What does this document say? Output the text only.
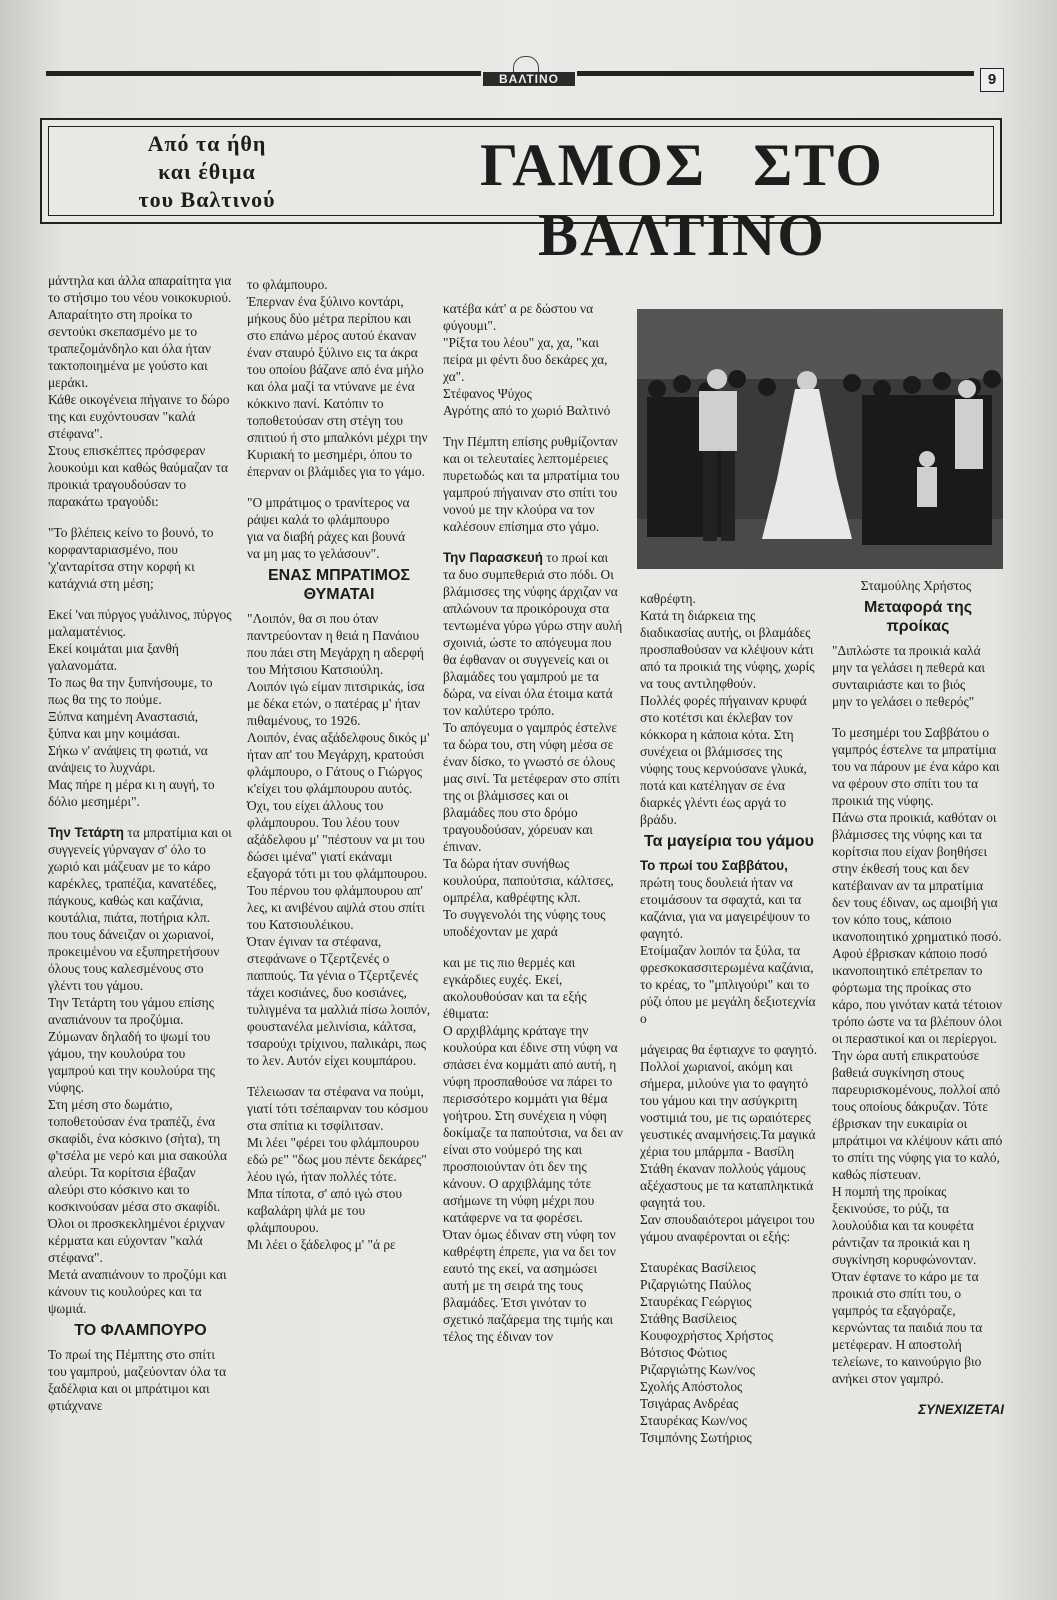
ΒΑΛΤΙΝΟ	9
Από τα ήθη
και έθιμα
του Βαλτινού
ΓΑΜΟΣ ΣΤΟ ΒΑΛΤΙΝΟ

μάντηλα και άλλα απαραίτητα για το στήσιμο του νέου νοικοκυριού. Απαραίτητο στη προίκα το σεντούκι σκεπασμένο με το τραπεζομάνδηλο και όλα ήταν τακτοποιημένα με γούστο και μεράκι.

Κάθε οικογένεια πήγαινε το δώρο της και ευχόντουσαν "καλά στέφανα".

Στους επισκέπτες πρόσφεραν λουκούμι και καθώς θαύμαζαν τα προικιά τραγουδούσαν το παρακάτω τραγούδι:

"Το βλέπεις κείνο το βουνό, το κορφανταριασμένο, που 'χ'ανταρίτσα στην κορφή κι κατάχνιά στη μέση;

Εκεί 'ναι πύργος γυάλινος, πύργος μαλαματένιος.

Εκεί κοιμάται μια ξανθή γαλανομάτα.

Το πως θα την ξυπνήσουμε, το πως θα της το πούμε.

Ξύπνα καημένη Αναστασιά, ξύπνα και μην κοιμάσαι.

Σήκω ν' ανάψεις τη φωτιά, να ανάψεις το λυχνάρι.

Μας πήρε η μέρα κι η αυγή, το δόλιο μεσημέρι".

Την Τετάρτη τα μπρατίμια και οι συγγενείς γύρναγαν σ' όλο το χωριό και μάζευαν με το κάρο καρέκλες, τραπέζια, κανατέδες, πάγκους, καθώς και καζάνια, κουτάλια, πιάτα, ποτήρια κλπ. που τους δάνειζαν οι χωριανοί, προκειμένου να εξυπηρετήσουν όλους τους καλεσμένους στο γλέντι του γάμου.

Την Τετάρτη του γάμου επίσης αναπιάνουν τα προζύμια. Ζύμωναν δηλαδή το ψωμί του γάμου, την κουλούρα του γαμπρού και την κουλούρα της νύφης.

Στη μέση στο δωμάτιο, τοποθετούσαν ένα τραπέζι, ένα σκαφίδι, ένα κόσκινο (σήτα), τη φ'τσέλα με νερό και μια σακούλα αλεύρι. Τα κορίτσια έβαζαν αλεύρι στο κόσκινο και το κοσκινούσαν μέσα στο σκαφίδι.

Όλοι οι προσκεκλημένοι έριχναν κέρματα και εύχονταν "καλά στέφανα".

Μετά αναπιάνουν το προζύμι και κάνουν τις κουλούρες και τα ψωμιά.

ΤΟ ΦΛΑΜΠΟΥΡΟ

Το πρωί της Πέμπτης στο σπίτι του γαμπρού, μαζεύονταν όλα τα ξαδέλφια και οι μπράτιμοι και φτιάχνανε

το φλάμπουρο.

Έπερναν ένα ξύλινο κοντάρι, μήκους δύο μέτρα περίπου και στο επάνω μέρος αυτού έκαναν έναν σταυρό ξύλινο εις τα άκρα του οποίου βάζανε από ένα μήλο και όλα μαζί τα ντύνανε με ένα κόκκινο πανί. Κατόπιν το τοποθετούσαν στη στέγη του σπιτιού ή στο μπαλκόνι μέχρι την Κυριακή το μεσημέρι, όπου το έπερναν οι βλάμιδες για το γάμο.

"Ο μπράτιμος ο τρανίτερος να ράψει καλά το φλάμπουρο

για να διαβή ράχες και βουνά

να μη μας το γελάσουν".

ΕΝΑΣ ΜΠΡΑΤΙΜΟΣ ΘΥΜΑΤΑΙ

"Λοιπόν, θα σι που όταν παντρεύονταν η θειά η Πανάιου που πάει στη Μεγάρχη η αδερφή του Μήτσιου Κατσιούλη.

Λοιπόν ιγώ είμαν πιτσιρικάς, ίσα με δέκα ετών, ο πατέρας μ' ήταν πιθαμένους, το 1926.

Λοιπόν, ένας αξάδελφους δικός μ' ήταν απ' του Μεγάρχη, κρατούσι φλάμπουρο, ο Γάτους ο Γιώργος κ'είχει του φλάμπουρου αυτός.

Όχι, του είχει άλλους του φλάμπουρου. Του λέου τουν αξάδελφου μ' "πέστουν να μι του δώσει ιμένα" γιατί εκάναμι εξαγορά τότι μι του φλάμπουρου. Του πέρνου του φλάμπουρου απ' λες, κι ανιβένου αψλά στου σπίτι του Κατσιουλέικου.

Όταν έγιναν τα στέφανα, στεφάνωνε ο Τζερτζενές ο παππούς. Τα γένια ο Τζερτζενές τάχει κοσιάνες, δυο κοσιάνες, τυλιγμένα τα μαλλιά πίσω λοιπόν, φουστανέλα μελινίσια, κάλτσα, τσαρούχι τρίχινου, παλικάρι, πως το λεν. Αυτόν είχει κουμπάρου.

Τέλειωσαν τα στέφανα να πούμι, γιατί τότι τσέπαιρναν του κόσμου στα σπίτια κι τσφίλιτσαν.

Μι λέει "φέρει του φλάμπουρου εδώ ρε" "δως μου πέντε δεκάρες" λέου ιγώ, ήταν πολλές τότε.

Μπα τίποτα, σ' από ιγώ στου καβαλάρη ψλά με του φλάμπουρου.

Μι λέει ο ξάδελφος μ' "ά ρε

κατέβα κάτ' α ρε δώστου να φύγουμι".

"Ρίξτα του λέου" χα, χα, "και πείρα μι φέντι δυο δεκάρες χα, χα".

Στέφανος Ψύχος

Αγρότης από το χωριό Βαλτινό

Την Πέμπτη επίσης ρυθμίζονταν και οι τελευταίες λεπτομέρειες πυρετωδώς και τα μπρατίμια του γαμπρού πήγαιναν στο σπίτι του νονού με την κλούρα να τον καλέσουν επίσημα στο γάμο.

Την Παρασκευή το πρωί και τα δυο συμπεθεριά στο πόδι. Οι βλάμισσες της νύφης άρχιζαν να απλώνουν τα προικόρουχα στα τεντωμένα γύρω γύρω στην αυλή σχοινιά, ώστε το απόγευμα που θα έφθαναν οι συγγενείς και οι βλαμάδες του γαμπρού με τα δώρα, να είναι όλα έτοιμα κατά τον καλύτερο τρόπο.

Το απόγευμα ο γαμπρός έστελνε τα δώρα του, στη νύφη μέσα σε έναν δίσκο, το γνωστό σε όλους μας σινί. Τα μετέφεραν στο σπίτι της οι βλάμισσες και οι βλαμάδες που στο δρόμο τραγουδούσαν, χόρευαν και έπιναν.

Τα δώρα ήταν συνήθως κουλούρα, παπούτσια, κάλτσες, ομπρέλα, καθρέφτης κλπ.

Το συγγενολόι της νύφης τους υποδέχονταν με χαρά

και με τις πιο θερμές και εγκάρδιες ευχές. Εκεί, ακολουθούσαν και τα εξής έθιματα:

Ο αρχιβλάμης κράταγε την κουλούρα και έδινε στη νύφη να σπάσει ένα κομμάτι από αυτή, η νύφη προσπαθούσε να πάρει το περισσότερο κομμάτι για θέμα γοήτρου. Στη συνέχεια η νύφη δοκίμαζε τα παπούτσια, να δει αν είναι στο νούμερό της και προσποιούνταν ότι δεν της κάνουν. Ο αρχιβλάμης τότε ασήμωνε τη νύφη μέχρι που κατάφερνε να τα φορέσει.

Όταν όμως έδιναν στη νύφη τον καθρέφτη έπρεπε, για να δει τον εαυτό της εκεί, να ασημώσει αυτή με τη σειρά της τους βλαμάδες. Έτσι γινόταν το σχετικό παζάρεμα της τιμής και τέλος της έδιναν τον

Σταμούλης Χρήστος

καθρέφτη.

Κατά τη διάρκεια της διαδικασίας αυτής, οι βλαμάδες προσπαθούσαν να κλέψουν κάτι από τα προικιά της νύφης, χωρίς να τους αντιληφθούν.

Πολλές φορές πήγαιναν κρυφά στο κοτέτσι και έκλεβαν τον κόκκορα η κάποια κότα. Στη συνέχεια οι βλάμισσες της νύφης τους κερνούσανε γλυκά, ποτά και κατέληγαν σε ένα διαρκές γλέντι έως αργά το βράδυ.

Τα μαγείρια του γάμου

Το πρωί του Σαββάτου, πρώτη τους δουλειά ήταν να ετοιμάσουν τα σφαχτά, και τα καζάνια, για να μαγειρέψουν το φαγητό.

Ετοίμαζαν λοιπόν τα ξύλα, τα φρεσκοκασσιτερωμένα καζάνια, το κρέας, το "μπλιγούρι" και το ρύζι όπου με μεγάλη δεξιοτεχνία ο

μάγειρας θα έφτιαχνε το φαγητό. Πολλοί χωριανοί, ακόμη και σήμερα, μιλούνε για το φαγητό του γάμου και την ασύγκριτη νοστιμιά του, με τις ωραιότερες γευστικές αναμνήσεις.Τα μαγικά χέρια του μπάρμπα - Βασίλη Στάθη έκαναν πολλούς γάμους αξέχαστους με τα καταπληκτικά φαγητά του.

Σαν σπουδαιότεροι μάγειροι του γάμου αναφέρονται οι εξής:

Σταυρέκας Βασίλειος

Ριζαργιώτης Παύλος

Σταυρέκας Γεώργιος

Στάθης Βασίλειος

Κουφοχρήστος Χρήστος

Βότσιος Φώτιος

Ριζαργιώτης Κων/νος

Σχολής Απόστολος

Τσιγάρας Ανδρέας

Σταυρέκας Κων/νος

Τσιμπόνης Σωτήριος

Μεταφορά της προίκας

"Διπλώστε τα προικιά καλά μην τα γελάσει η πεθερά και συνταιριάστε και το βιός

μην το γελάσει ο πεθερός"

Το μεσημέρι του Σαββάτου ο γαμπρός έστελνε τα μπρατίμια του να πάρουν με ένα κάρο και να φέρουν στο σπίτι του τα προικιά της νύφης.

Πάνω στα προικιά, καθόταν οι βλάμισσες της νύφης και τα κορίτσια που είχαν βοηθήσει στην έκθεσή τους και δεν κατέβαιναν αν τα μπρατίμια δεν τους έδιναν, ως αμοιβή για τον κόπο τους, κάποιο ικανοποιητικό χρηματικό ποσό. Αφού έβρισκαν κάποιο ποσό ικανοποιητικό επέτρεπαν το φόρτωμα της προίκας στο κάρο, που γινόταν κατά τέτοιον τρόπο ώστε να τα βλέπουν όλοι οι περαστικοί και οι περίεργοι.

Την ώρα αυτή επικρατούσε βαθειά συγκίνηση στους παρευρισκομένους, πολλοί από τους οποίους δάκρυζαν. Τότε έβρισκαν την ευκαιρία οι μπράτιμοι να κλέψουν κάτι από το σπίτι της νύφης για το καλό, καθώς πίστευαν.

Η πομπή της προίκας ξεκινούσε, το ρύζι, τα λουλούδια και τα κουφέτα ράντιζαν τα προικιά και η συγκίνηση κορυφώνονταν.

Όταν έφτανε το κάρο με τα προικιά στο σπίτι του, ο γαμπρός τα εξαγόραζε, κερνώντας τα παιδιά που τα μετέφεραν. Η αποστολή τελείωνε, το καινούργιο βιο ανήκει στον γαμπρό.

ΣΥΝΕΧΙΖΕΤΑΙ
